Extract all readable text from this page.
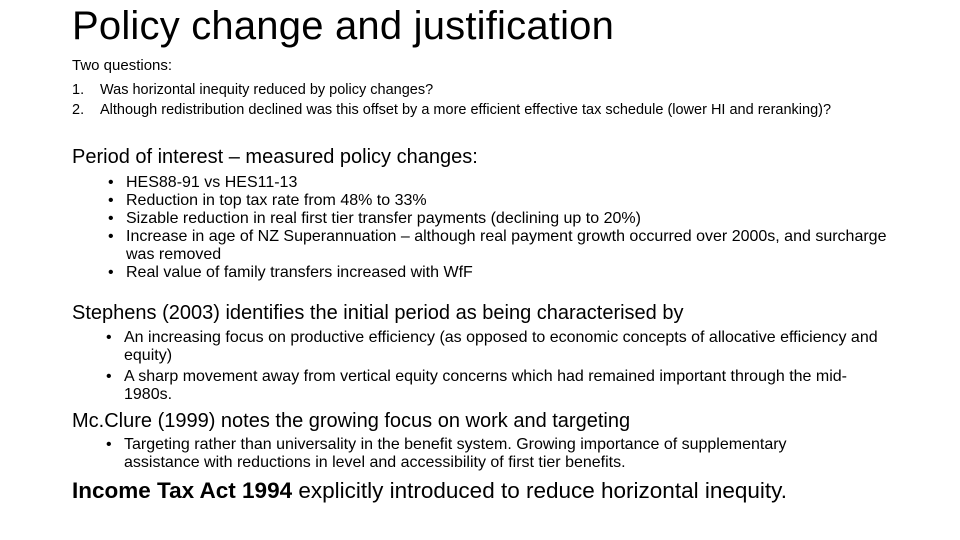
Policy change and justification
Two questions:
1.	Was horizontal inequity reduced by policy changes?
2.	Although redistribution declined was this offset by a more efficient effective tax schedule (lower HI and reranking)?
Period of interest – measured policy changes:
• HES88-91 vs HES11-13
• Reduction in top tax rate from 48% to 33%
• Sizable reduction in real first tier transfer payments (declining up to 20%)
• Increase in age of NZ Superannuation – although real payment growth occurred over 2000s, and surcharge was removed
• Real value of family transfers increased with WfF
Stephens (2003) identifies the initial period as being characterised by
• An increasing focus on productive efficiency (as opposed to economic concepts of allocative efficiency and equity)
• A sharp movement away from vertical equity concerns which had remained important through the mid-1980s.
Mc.Clure (1999) notes the growing focus on work and targeting
• Targeting rather than universality in the benefit system. Growing importance of supplementary assistance with reductions in level and accessibility of first tier benefits.
Income Tax Act 1994 explicitly introduced to reduce horizontal inequity.
